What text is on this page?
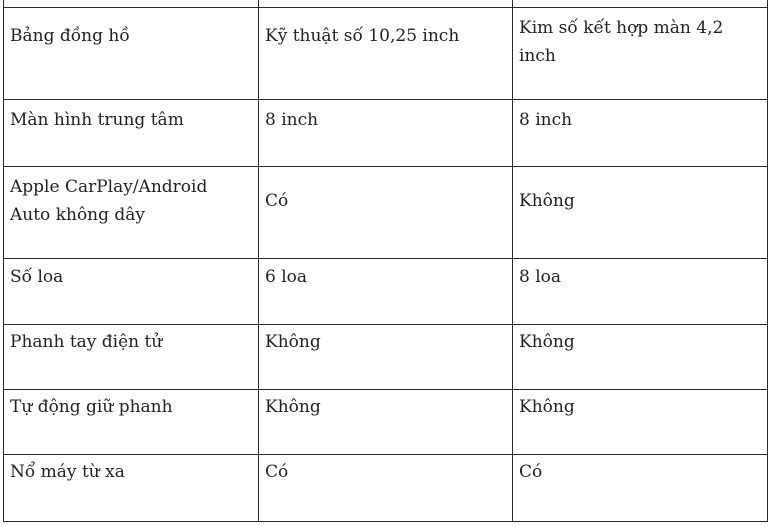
Bảng đồng hồ	Kỹ thuật số 10,25 inch	Kim số kết hợp màn 4,2 inch
Màn hình trung tâm	8 inch	8 inch
Apple CarPlay/Android Auto không dây	Có	Không
Số loa	6 loa	8 loa
Phanh tay điện tử	Không	Không
Tự động giữ phanh	Không	Không
Nổ máy từ xa	Có	Có
